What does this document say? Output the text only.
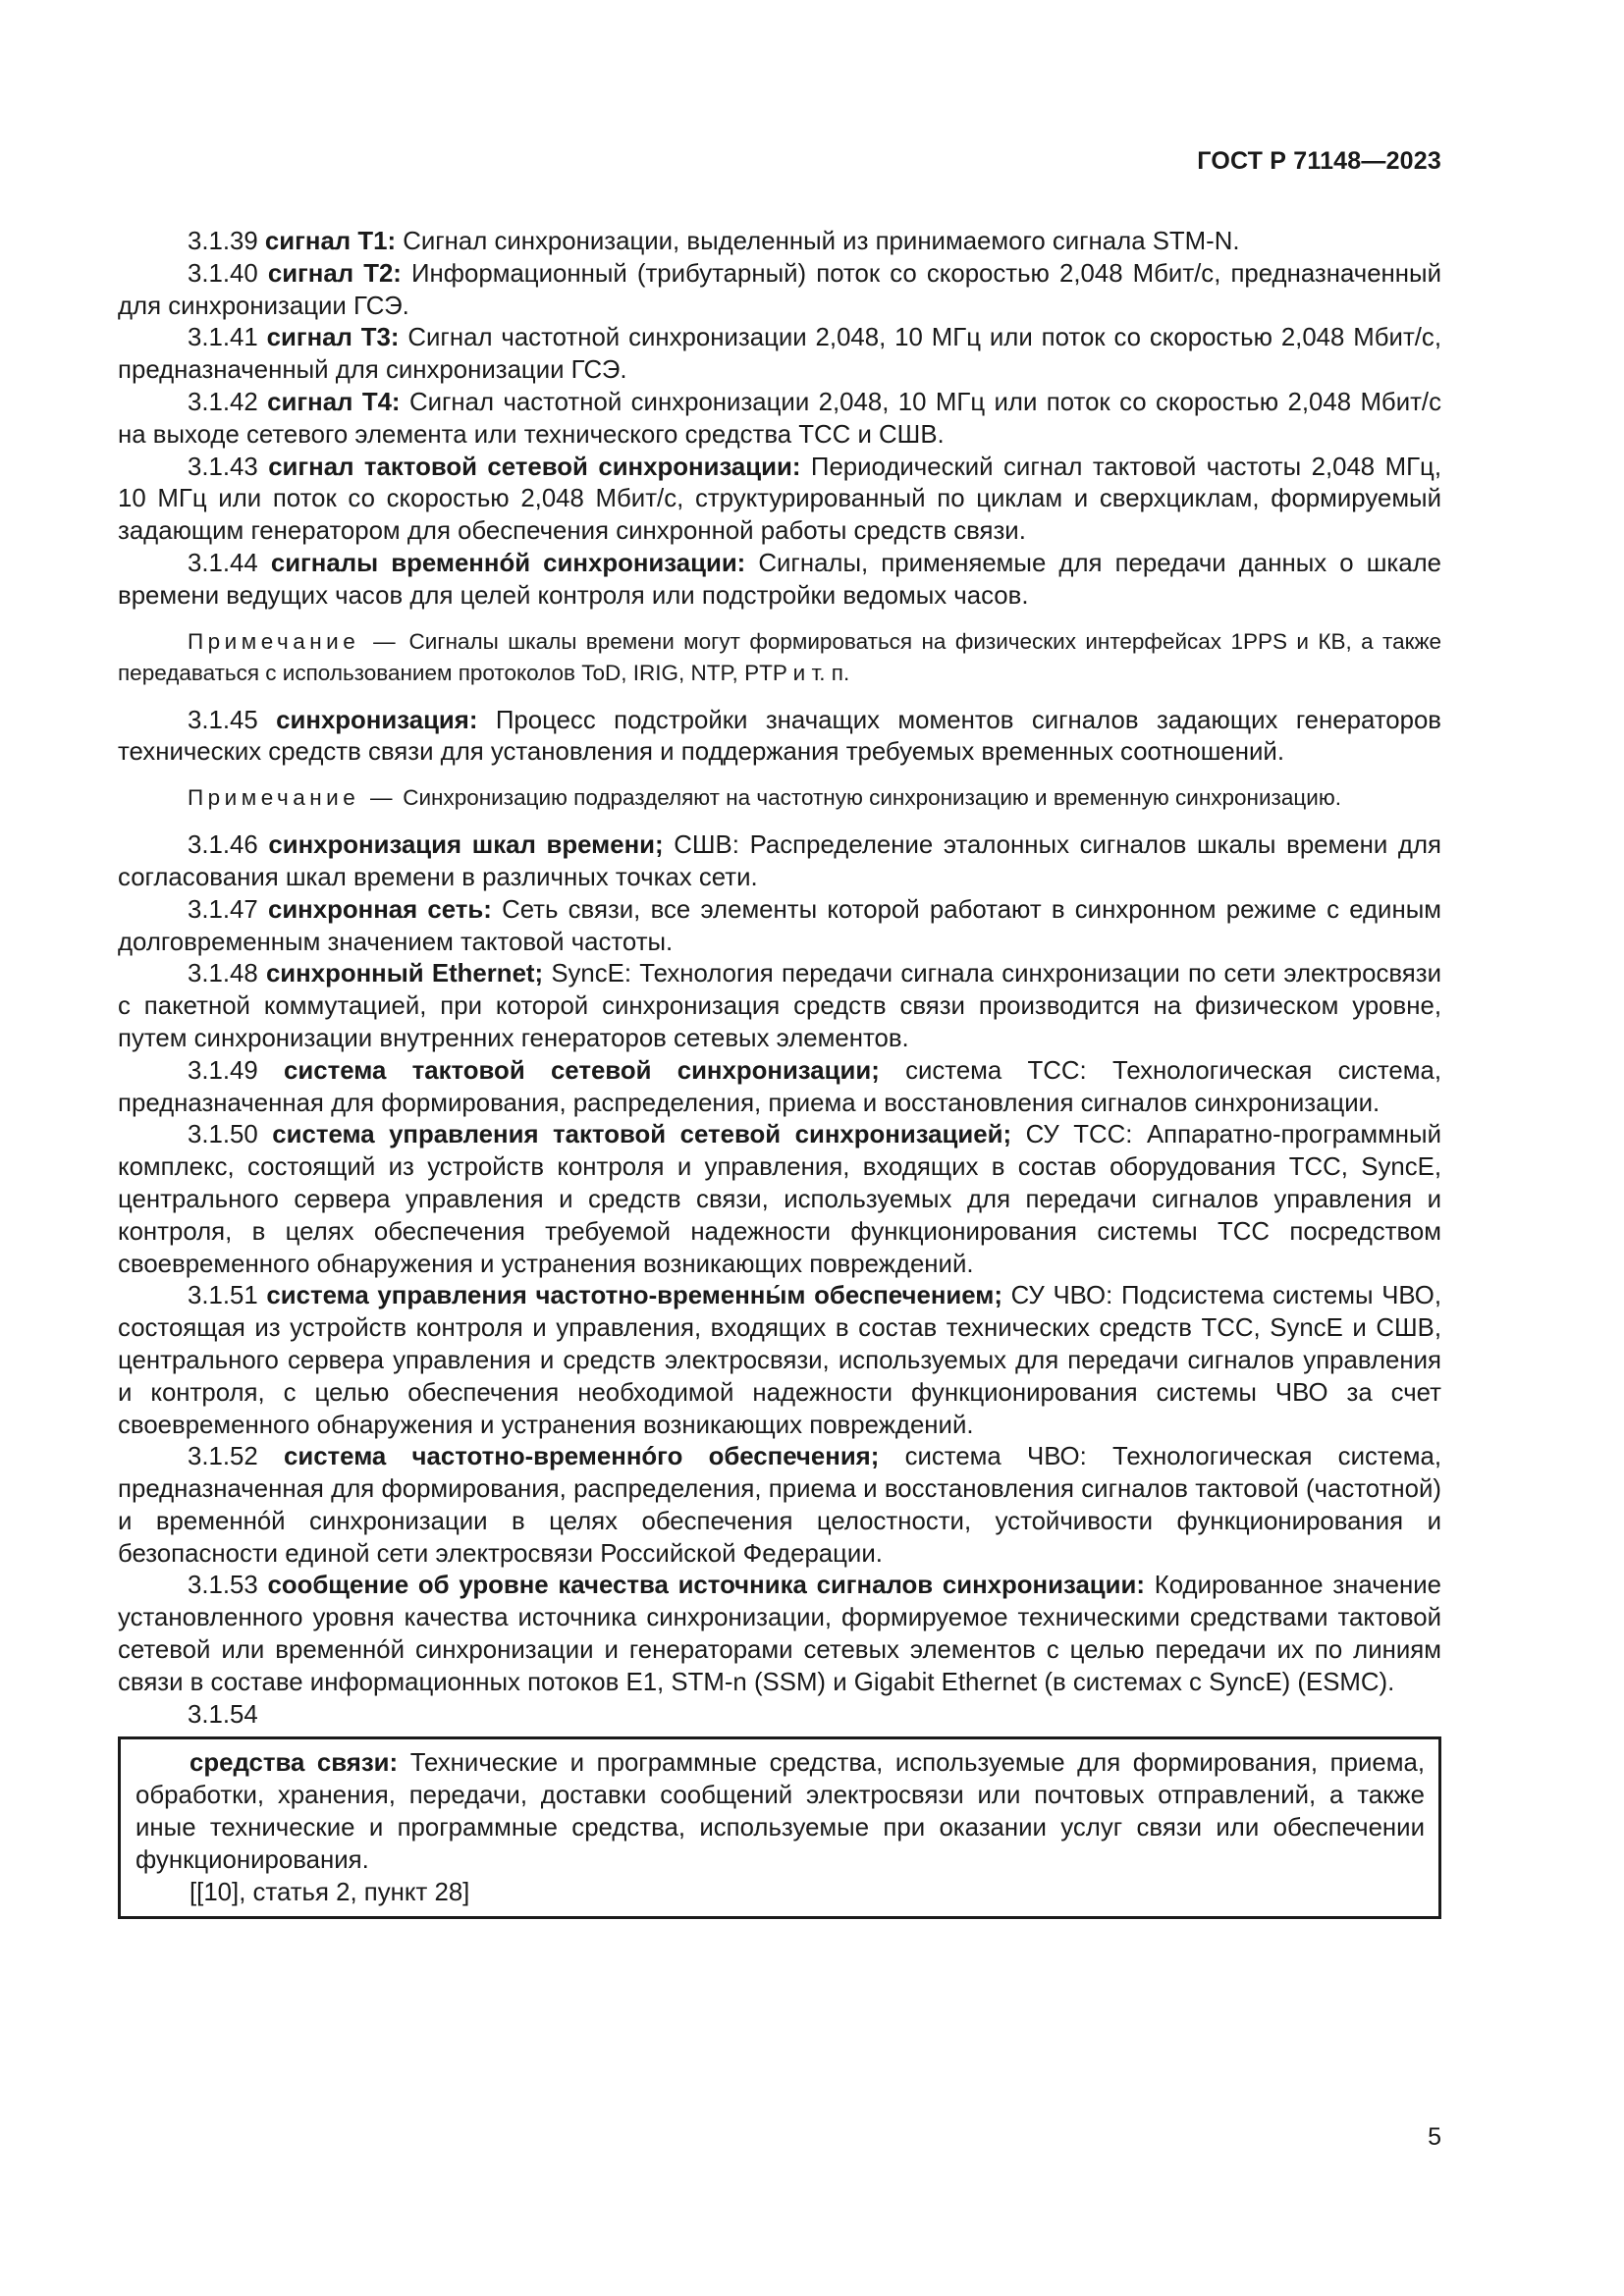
ГОСТ Р 71148—2023

3.1.39 сигнал Т1: Сигнал синхронизации, выделенный из принимаемого сигнала STM-N.

3.1.40 сигнал Т2: Информационный (трибутарный) поток со скоростью 2,048 Мбит/с, предназначенный для синхронизации ГСЭ.

3.1.41 сигнал Т3: Сигнал частотной синхронизации 2,048, 10 МГц или поток со скоростью 2,048 Мбит/с, предназначенный для синхронизации ГСЭ.

3.1.42 сигнал Т4: Сигнал частотной синхронизации 2,048, 10 МГц или поток со скоростью 2,048 Мбит/с на выходе сетевого элемента или технического средства ТСС и СШВ.

3.1.43 сигнал тактовой сетевой синхронизации: Периодический сигнал тактовой частоты 2,048 МГц, 10 МГц или поток со скоростью 2,048 Мбит/с, структурированный по циклам и сверхциклам, формируемый задающим генератором для обеспечения синхронной работы средств связи.

3.1.44 сигналы временнóй синхронизации: Сигналы, применяемые для передачи данных о шкале времени ведущих часов для целей контроля или подстройки ведомых часов.

Примечание — Сигналы шкалы времени могут формироваться на физических интерфейсах 1PPS и КВ, а также передаваться с использованием протоколов ToD, IRIG, NTP, PTP и т. п.

3.1.45 синхронизация: Процесс подстройки значащих моментов сигналов задающих генераторов технических средств связи для установления и поддержания требуемых временных соотношений.

Примечание — Синхронизацию подразделяют на частотную синхронизацию и временную синхронизацию.

3.1.46 синхронизация шкал времени; СШВ: Распределение эталонных сигналов шкалы времени для согласования шкал времени в различных точках сети.

3.1.47 синхронная сеть: Сеть связи, все элементы которой работают в синхронном режиме с единым долговременным значением тактовой частоты.

3.1.48 синхронный Ethernet; SyncE: Технология передачи сигнала синхронизации по сети электросвязи с пакетной коммутацией, при которой синхронизация средств связи производится на физическом уровне, путем синхронизации внутренних генераторов сетевых элементов.

3.1.49 система тактовой сетевой синхронизации; система ТСС: Технологическая система, предназначенная для формирования, распределения, приема и восстановления сигналов синхронизации.

3.1.50 система управления тактовой сетевой синхронизацией; СУ ТСС: Аппаратно-программный комплекс, состоящий из устройств контроля и управления, входящих в состав оборудования ТСС, SyncE, центрального сервера управления и средств связи, используемых для передачи сигналов управления и контроля, в целях обеспечения требуемой надежности функционирования системы ТСС посредством своевременного обнаружения и устранения возникающих повреждений.

3.1.51 система управления частотно-временны́м обеспечением; СУ ЧВО: Подсистема системы ЧВО, состоящая из устройств контроля и управления, входящих в состав технических средств ТСС, SyncE и СШВ, центрального сервера управления и средств электросвязи, используемых для передачи сигналов управления и контроля, с целью обеспечения необходимой надежности функционирования системы ЧВО за счет своевременного обнаружения и устранения возникающих повреждений.

3.1.52 система частотно-временнóго обеспечения; система ЧВО: Технологическая система, предназначенная для формирования, распределения, приема и восстановления сигналов тактовой (частотной) и временнóй синхронизации в целях обеспечения целостности, устойчивости функционирования и безопасности единой сети электросвязи Российской Федерации.

3.1.53 сообщение об уровне качества источника сигналов синхронизации: Кодированное значение установленного уровня качества источника синхронизации, формируемое техническими средствами тактовой сетевой или временнóй синхронизации и генераторами сетевых элементов с целью передачи их по линиям связи в составе информационных потоков E1, STM-n (SSM) и Gigabit Ethernet (в системах с SyncE) (ESMC).

3.1.54

средства связи: Технические и программные средства, используемые для формирования, приема, обработки, хранения, передачи, доставки сообщений электросвязи или почтовых отправлений, а также иные технические и программные средства, используемые при оказании услуг связи или обеспечении функционирования.

[[10], статья 2, пункт 28]
5
